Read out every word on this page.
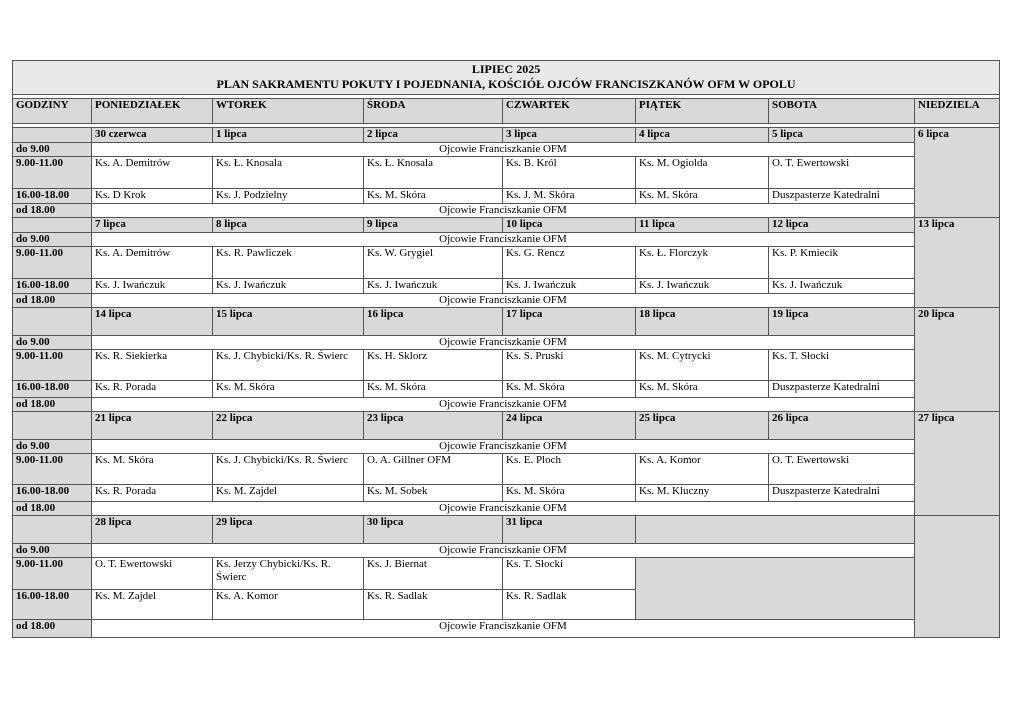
LIPIEC 2025
PLAN SAKRAMENTU POKUTY I POJEDNANIA, KOŚCIÓŁ OJCÓW FRANCISZKANÓW OFM W OPOLU							

GODZINY	PONIEDZIAŁEK	WTOREK	ŚRODA	CZWARTEK	PIĄTEK	SOBOTA	NIEDZIELA

	30 czerwca	1 lipca	2 lipca	3 lipca	4 lipca	5 lipca	6 lipca
do 9.00	Ojcowie Franciszkanie OFM						
9.00-11.00	Ks. A. Demitrów	Ks. Ł. Knosala	Ks. Ł. Knosala	Ks. B. Król	Ks. M. Ogiolda	O. T. Ewertowski	
16.00-18.00	Ks. D Krok	Ks. J. Podzielny	Ks. M. Skóra	Ks. J. M. Skóra	Ks. M. Skóra	Duszpasterze Katedralni	
od 18.00	Ojcowie Franciszkanie OFM						
	7 lipca	8 lipca	9 lipca	10 lipca	11 lipca	12 lipca	13 lipca
do 9.00	Ojcowie Franciszkanie OFM						
9.00-11.00	Ks. A. Demitrów	Ks. R. Pawliczek	Ks. W. Grygiel	Ks. G. Rencz	Ks. Ł. Florczyk	Ks. P. Kmiecik	
16.00-18.00	Ks. J. Iwańczuk	Ks. J. Iwańczuk	Ks. J. Iwańczuk	Ks. J. Iwańczuk	Ks. J. Iwańczuk	Ks. J. Iwańczuk	
od 18.00	Ojcowie Franciszkanie OFM						
	14 lipca	15 lipca	16 lipca	17 lipca	18 lipca	19 lipca	20 lipca
do 9.00	Ojcowie Franciszkanie OFM						
9.00-11.00	Ks. R. Siekierka	Ks. J. Chybicki/Ks. R. Świerc	Ks. H. Sklorz	Ks. S. Pruski	Ks. M. Cytrycki	Ks. T. Słocki	
16.00-18.00	Ks. R. Porada	Ks. M. Skóra	Ks. M. Skóra	Ks. M. Skóra	Ks. M. Skóra	Duszpasterze Katedralni	
od 18.00	Ojcowie Franciszkanie OFM						
	21 lipca	22 lipca	23 lipca	24 lipca	25 lipca	26 lipca	27 lipca
do 9.00	Ojcowie Franciszkanie OFM						
9.00-11.00	Ks. M. Skóra	Ks. J. Chybicki/Ks. R. Świerc	O. A. Gillner OFM	Ks. E. Ploch	Ks. A. Komor	O. T. Ewertowski	
16.00-18.00	Ks. R. Porada	Ks. M. Zajdel	Ks. M. Sobek	Ks. M. Skóra	Ks. M. Kluczny	Duszpasterze Katedralni	
od 18.00	Ojcowie Franciszkanie OFM						
	28 lipca	29 lipca	30 lipca	31 lipca			
do 9.00	Ojcowie Franciszkanie OFM						
9.00-11.00	O. T. Ewertowski	Ks. Jerzy Chybicki/Ks. R. Świerc	Ks. J. Biernat	Ks. T. Słocki			
16.00-18.00	Ks. M. Zajdel	Ks. A. Komor	Ks. R. Sadlak	Ks. R. Sadlak			
od 18.00	Ojcowie Franciszkanie OFM						
